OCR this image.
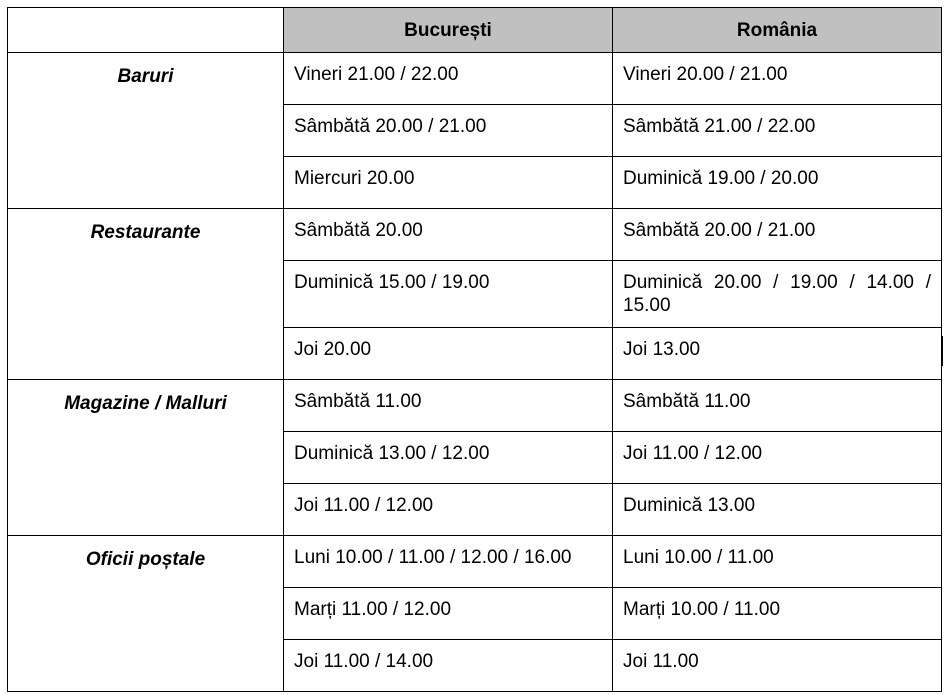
	București	România
Baruri	Vineri 21.00 / 22.00	Vineri 20.00 / 21.00
	Sâmbătă 20.00 / 21.00	Sâmbătă 21.00 / 22.00
	Miercuri 20.00	Duminică 19.00 / 20.00
Restaurante	Sâmbătă 20.00	Sâmbătă 20.00 / 21.00
	Duminică 15.00 / 19.00	Duminică 20.00 / 19.00 / 14.00 / 15.00
	Joi 20.00	Joi 13.00
Magazine / Malluri	Sâmbătă 11.00	Sâmbătă 11.00
	Duminică 13.00 / 12.00	Joi 11.00 / 12.00
	Joi 11.00 / 12.00	Duminică 13.00
Oficii poștale	Luni 10.00 / 11.00 / 12.00 / 16.00	Luni 10.00 / 11.00
	Marți 11.00 / 12.00	Marți 10.00 / 11.00
	Joi 11.00 / 14.00	Joi 11.00
